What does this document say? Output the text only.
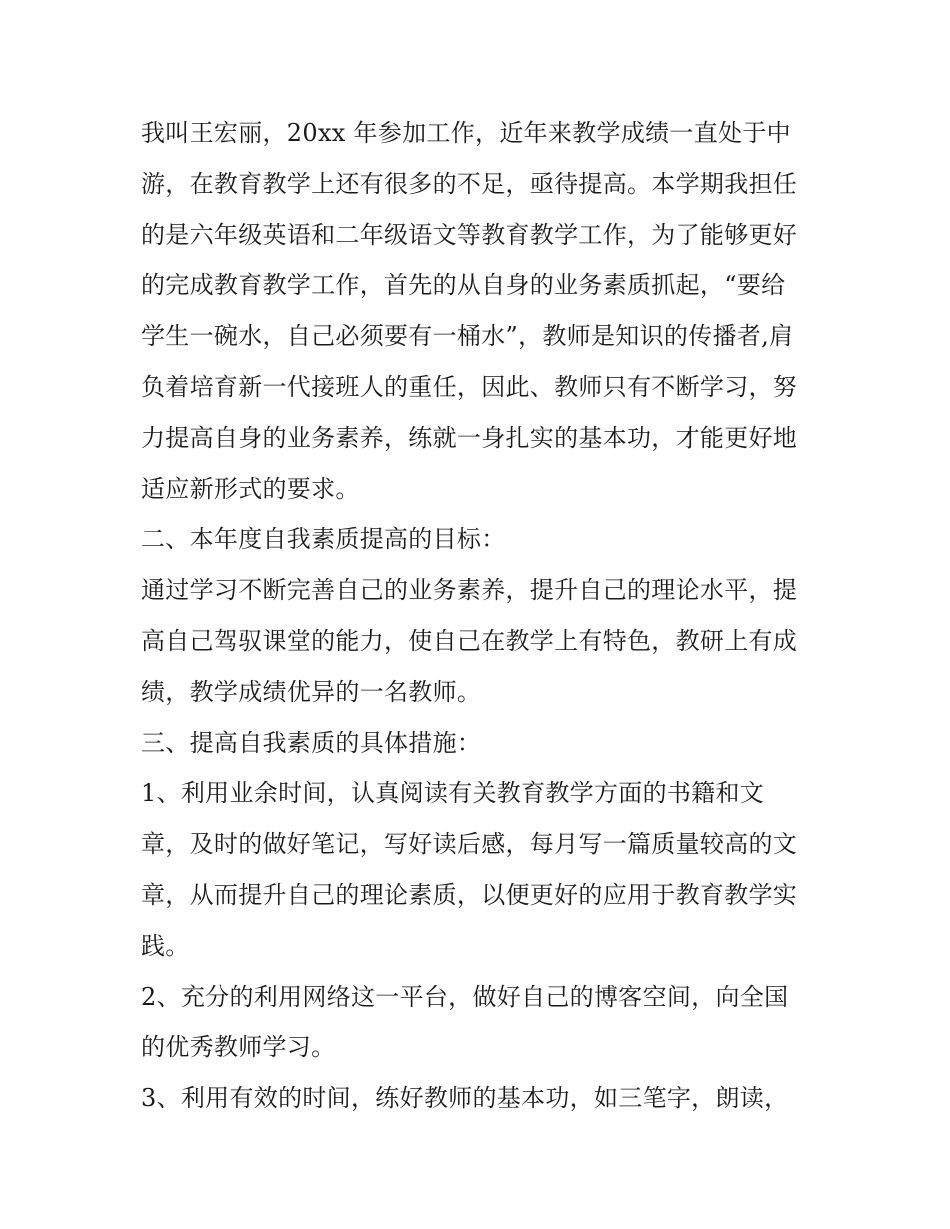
我叫王宏丽，20xx 年参加工作，近年来教学成绩一直处于中
游，在教育教学上还有很多的不足，亟待提高。本学期我担任
的是六年级英语和二年级语文等教育教学工作，为了能够更好
的完成教育教学工作，首先的从自身的业务素质抓起，“要给
学生一碗水，自己必须要有一桶水”，教师是知识的传播者,肩
负着培育新一代接班人的重任，因此、教师只有不断学习，努
力提高自身的业务素养，练就一身扎实的基本功，才能更好地
适应新形式的要求。
二、本年度自我素质提高的目标：
通过学习不断完善自己的业务素养，提升自己的理论水平，提
高自己驾驭课堂的能力，使自己在教学上有特色，教研上有成
绩，教学成绩优异的一名教师。
三、提高自我素质的具体措施：
1、利用业余时间，认真阅读有关教育教学方面的书籍和文
章，及时的做好笔记，写好读后感，每月写一篇质量较高的文
章，从而提升自己的理论素质，以便更好的应用于教育教学实
践。
2、充分的利用网络这一平台，做好自己的博客空间，向全国
的优秀教师学习。
3、利用有效的时间，练好教师的基本功，如三笔字，朗读，
